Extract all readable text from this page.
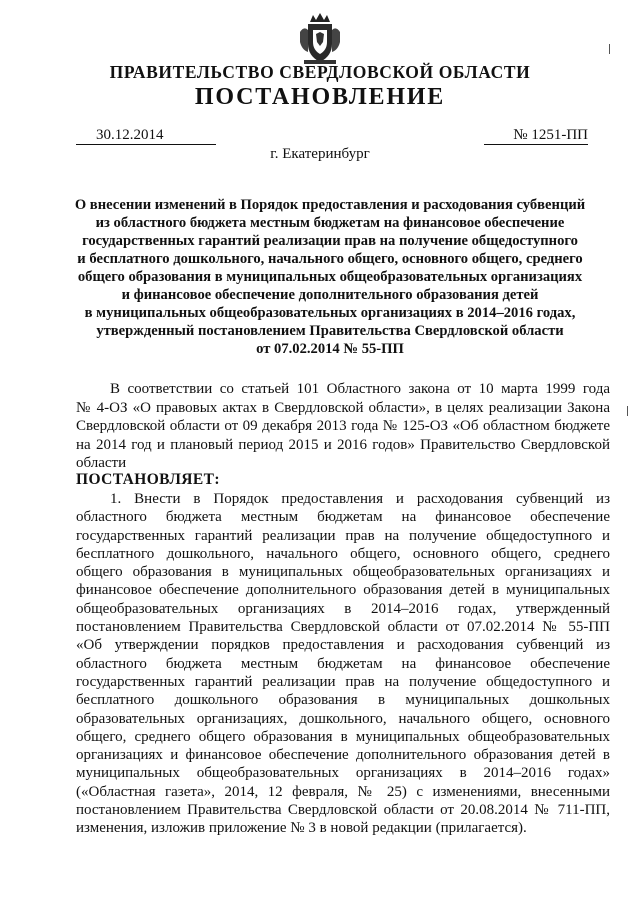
ПРАВИТЕЛЬСТВО СВЕРДЛОВСКОЙ ОБЛАСТИ
ПОСТАНОВЛЕНИЕ
30.12.2014	№ 1251-ПП
г. Екатеринбург
О внесении изменений в Порядок предоставления и расходования субвенций
из областного бюджета местным бюджетам на финансовое обеспечение
государственных гарантий реализации прав на получение общедоступного
и бесплатного дошкольного, начального общего, основного общего, среднего
общего образования в муниципальных общеобразовательных организациях
и финансовое обеспечение дополнительного образования детей
в муниципальных общеобразовательных организациях в 2014–2016 годах,
утвержденный постановлением Правительства Свердловской области
от 07.02.2014 № 55-ПП
В соответствии со статьей 101 Областного закона от 10 марта 1999 года
№ 4-ОЗ «О правовых актах в Свердловской области», в целях реализации Закона
Свердловской области от 09 декабря 2013 года № 125-ОЗ «Об областном бюджете
на 2014 год и плановый период 2015 и 2016 годов» Правительство Свердловской
области
ПОСТАНОВЛЯЕТ:
1. Внести в Порядок предоставления и расходования субвенций из
областного бюджета местным бюджетам на финансовое обеспечение
государственных гарантий реализации прав на получение общедоступного и
бесплатного дошкольного, начального общего, основного общего, среднего
общего образования в муниципальных общеобразовательных организациях и
финансовое обеспечение дополнительного образования детей в муниципальных
общеобразовательных организациях в 2014–2016 годах, утвержденный
постановлением Правительства Свердловской области от 07.02.2014 № 55-ПП
«Об утверждении порядков предоставления и расходования субвенций из
областного бюджета местным бюджетам на финансовое обеспечение
государственных гарантий реализации прав на получение общедоступного и
бесплатного дошкольного образования в муниципальных дошкольных
образовательных организациях, дошкольного, начального общего, основного
общего, среднего общего образования в муниципальных общеобразовательных
организациях и финансовое обеспечение дополнительного образования детей в
муниципальных общеобразовательных организациях в 2014–2016 годах»
(«Областная газета», 2014, 12 февраля, № 25) с изменениями, внесенными
постановлением Правительства Свердловской области от 20.08.2014 № 711-ПП,
изменения, изложив приложение № 3 в новой редакции (прилагается).
